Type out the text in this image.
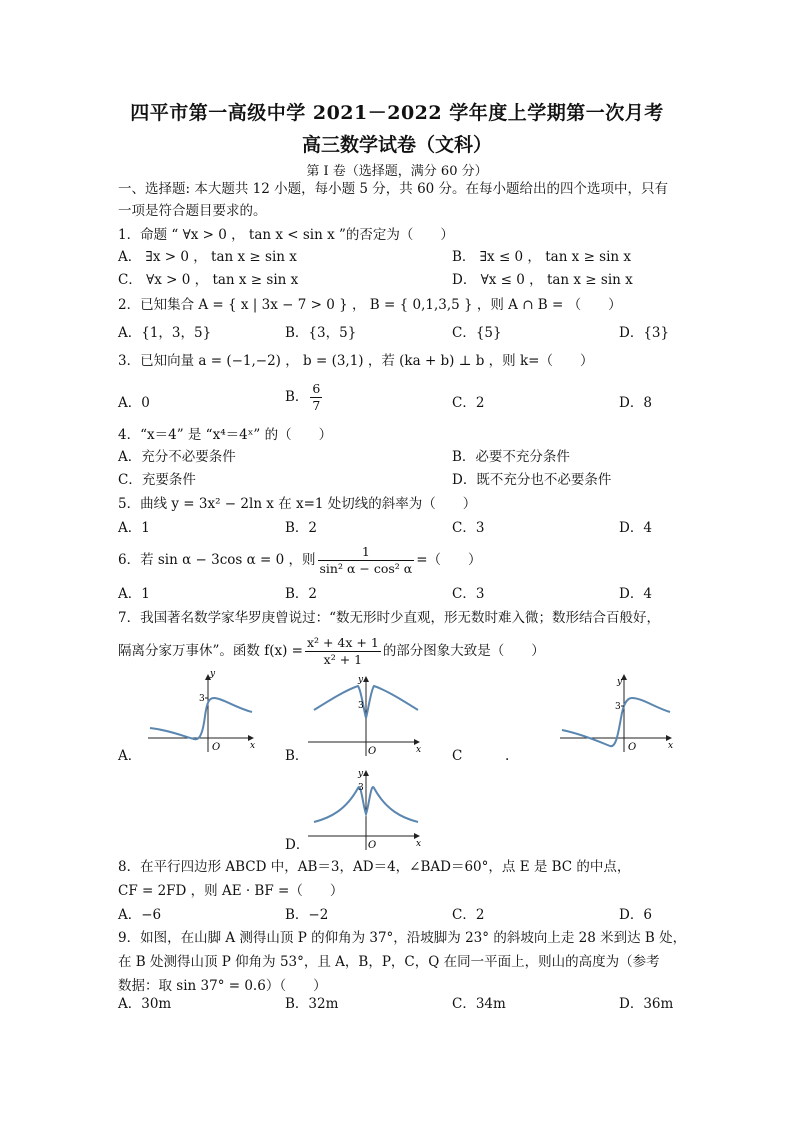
四平市第一高级中学 2021－2022 学年度上学期第一次月考
高三数学试卷（文科）
第 I 卷（选择题，满分 60 分）
一、选择题: 本大题共 12 小题，每小题 5 分，共 60 分。在每小题给出的四个选项中，只有
一项是符合题目要求的。
1．命题 “ ∀x > 0 ， tan x < sin x ”的否定为（　　）
A． ∃x > 0 ， tan x ≥ sin x	B． ∃x ≤ 0 ， tan x ≥ sin x
C． ∀x > 0 ， tan x ≥ sin x	D． ∀x ≤ 0 ， tan x ≥ sin x
2．已知集合 A = { x | 3x − 7 > 0 } ， B = { 0,1,3,5 } ，则 A ∩ B = （　　）
A．{1，3，5}	B．{3，5}	C．{5}	D．{3}
3．已知向量 a = (−1,−2) ， b = (3,1) ，若 (ka + b) ⊥ b ，则 k=（　　）
A．0	B． $\frac{6}{7}$	C．2	D．8
4．“x＝4” 是 “x⁴＝4ˣ” 的（　　）
A．充分不必要条件	B．必要不充分条件
C．充要条件	D．既不充分也不必要条件
5．曲线 y = 3x² − 2ln x 在 x=1 处切线的斜率为（　　）
A．1	B．2	C．3	D．4
6．若 sin α − 3cos α = 0 ，则 $\frac{1}{\text{sin² α − cos² α}}$ =（　　）
A．1	B．2	C．3	D．4
7．我国著名数学家华罗庚曾说过：“数无形时少直观，形无数时难入微；数形结合百般好，
隔离分家万事休”。函数 $f(x) = \frac{\text{x² + 4x + 1}}{\text{x² + 1}}$ 的部分图象大致是（　　）
A．	B．	C	.
D．
y
x
O
3
y
x
O
3
y
x
O
3
y
x
O
3
8．在平行四边形 ABCD 中，AB＝3，AD＝4，∠BAD＝60°，点 E 是 BC 的中点，
CF = 2FD ，则 AE · BF =（　　）
A．−6	B．−2	C．2	D．6
9．如图，在山脚 A 测得山顶 P 的仰角为 37°，沿坡脚为 23° 的斜坡向上走 28 米到达 B 处，
在 B 处测得山顶 P 仰角为 53°，且 A，B，P，C，Q 在同一平面上，则山的高度为（参考
数据：取 sin 37° = 0.6）（　　）
A．30m	B．32m	C．34m	D．36m
